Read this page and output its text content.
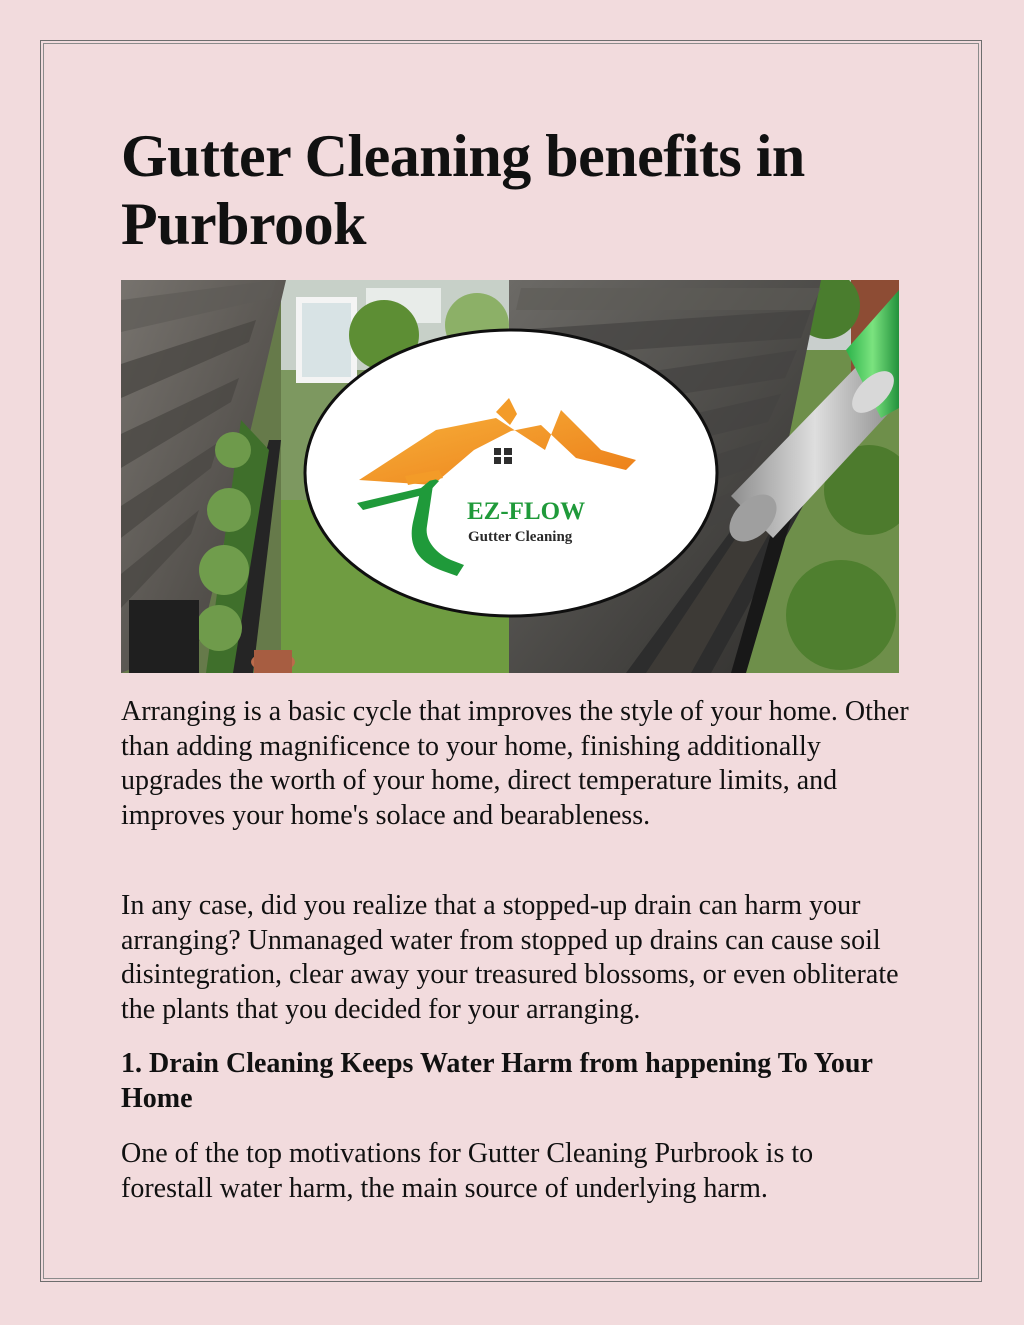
Gutter Cleaning benefits in Purbrook
EZ-FLOW
Gutter Cleaning

Arranging is a basic cycle that improves the style of your home. Other than adding magnificence to your home, finishing additionally upgrades the worth of your home, direct temperature limits, and improves your home's solace and bearableness.

In any case, did you realize that a stopped-up drain can harm your arranging? Unmanaged water from stopped up drains can cause soil disintegration, clear away your treasured blossoms, or even obliterate the plants that you decided for your arranging.

1. Drain Cleaning Keeps Water Harm from happening To Your Home

One of the top motivations for Gutter Cleaning Purbrook is to forestall water harm, the main source of underlying harm.
